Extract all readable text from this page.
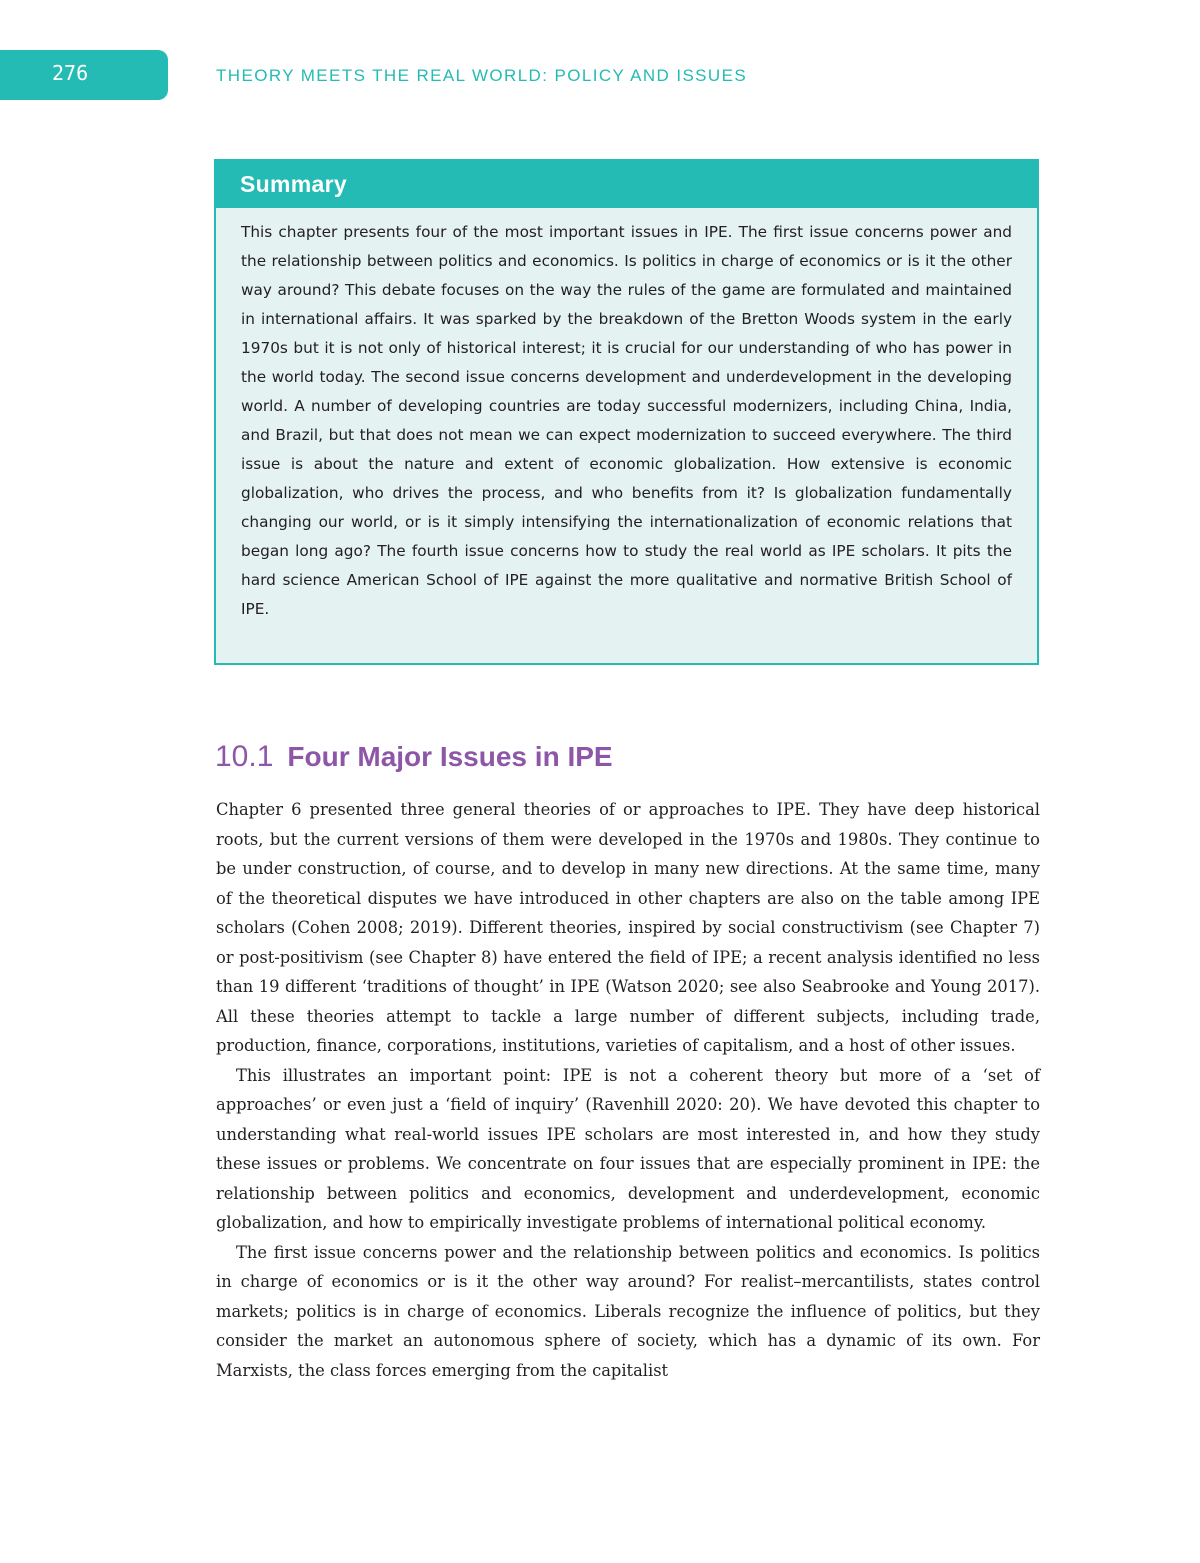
276	THEORY MEETS THE REAL WORLD: POLICY AND ISSUES
Summary
This chapter presents four of the most important issues in IPE. The first issue concerns power and the relationship between politics and economics. Is politics in charge of economics or is it the other way around? This debate focuses on the way the rules of the game are formulated and maintained in international affairs. It was sparked by the breakdown of the Bretton Woods system in the early 1970s but it is not only of historical interest; it is crucial for our understanding of who has power in the world today. The second issue concerns development and underdevelopment in the developing world. A number of developing countries are today successful modernizers, including China, India, and Brazil, but that does not mean we can expect modernization to succeed everywhere. The third issue is about the nature and extent of economic globalization. How extensive is economic globalization, who drives the process, and who benefits from it? Is globalization fundamentally changing our world, or is it simply intensifying the internationalization of economic relations that began long ago? The fourth issue concerns how to study the real world as IPE scholars. It pits the hard science American School of IPE against the more qualitative and normative British School of IPE.
10.1 Four Major Issues in IPE

Chapter 6 presented three general theories of or approaches to IPE. They have deep historical roots, but the current versions of them were developed in the 1970s and 1980s. They continue to be under construction, of course, and to develop in many new directions. At the same time, many of the theoretical disputes we have introduced in other chapters are also on the table among IPE scholars (Cohen 2008; 2019). Different theories, inspired by social constructivism (see Chapter 7) or post-positivism (see Chapter 8) have entered the field of IPE; a recent analysis identified no less than 19 different ‘traditions of thought’ in IPE (Watson 2020; see also Seabrooke and Young 2017). All these theories attempt to tackle a large number of different subjects, including trade, production, finance, corporations, institutions, varieties of capitalism, and a host of other issues.

This illustrates an important point: IPE is not a coherent theory but more of a ‘set of approaches’ or even just a ‘field of inquiry’ (Ravenhill 2020: 20). We have devoted this chapter to understanding what real-world issues IPE scholars are most interested in, and how they study these issues or problems. We concentrate on four issues that are especially prominent in IPE: the relationship between politics and economics, development and underdevelopment, economic globalization, and how to empirically investigate problems of international political economy.

The first issue concerns power and the relationship between politics and economics. Is politics in charge of economics or is it the other way around? For realist–mercantilists, states control markets; politics is in charge of economics. Liberals recognize the influence of politics, but they consider the market an autonomous sphere of society, which has a dynamic of its own. For Marxists, the class forces emerging from the capitalist
